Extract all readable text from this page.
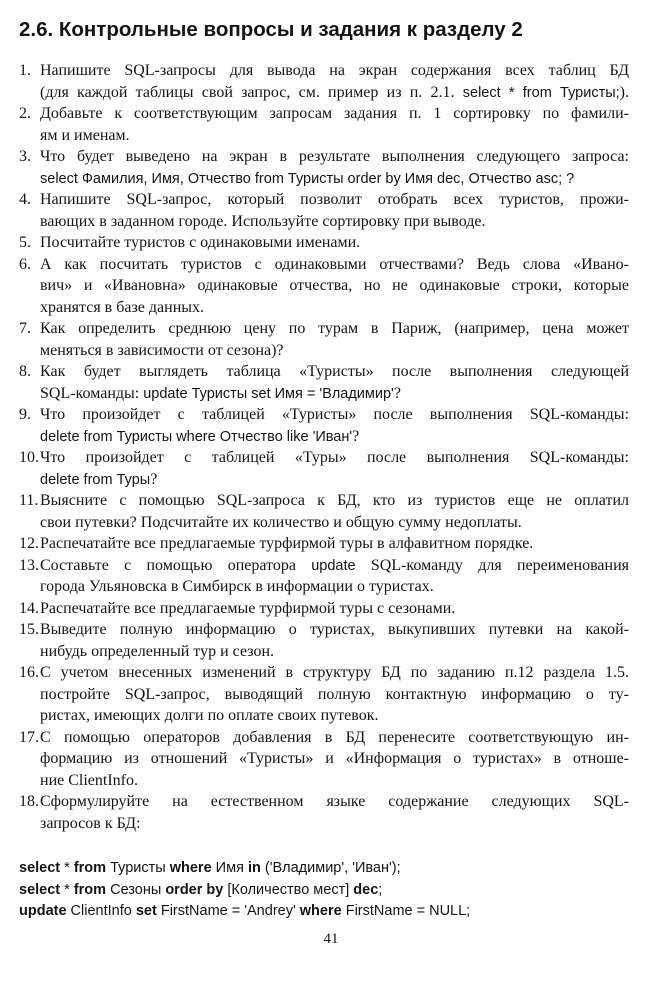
2.6. Контрольные вопросы и задания к разделу 2
1. Напишите SQL-запросы для вывода на экран содержания всех таблиц БД
(для каждой таблицы свой запрос, см. пример из п. 2.1. select * from Туристы;).
2. Добавьте к соответствующим запросам задания п. 1 сортировку по фамили-
ям и именам.
3. Что будет выведено на экран в результате выполнения следующего запроса:
select Фамилия, Имя, Отчество from Туристы order by Имя dec, Отчество asc; ?
4. Напишите SQL-запрос, который позволит отобрать всех туристов, прожи-
вающих в заданном городе. Используйте сортировку при выводе.
5. Посчитайте туристов с одинаковыми именами.
6. А как посчитать туристов с одинаковыми отчествами? Ведь слова «Ивано-
вич» и «Ивановна» одинаковые отчества, но не одинаковые строки, которые
хранятся в базе данных.
7. Как определить среднюю цену по турам в Париж, (например, цена может
меняться в зависимости от сезона)?
8. Как будет выглядеть таблица «Туристы» после выполнения следующей
SQL-команды: update Туристы set Имя = 'Владимир'?
9. Что произойдет с таблицей «Туристы» после выполнения SQL-команды:
delete from Туристы where Отчество like 'Иван'?
10. Что произойдет с таблицей «Туры» после выполнения SQL-команды:
delete from Туры?
11. Выясните с помощью SQL-запроса к БД, кто из туристов еще не оплатил
свои путевки? Подсчитайте их количество и общую сумму недоплаты.
12. Распечатайте все предлагаемые турфирмой туры в алфавитном порядке.
13. Составьте с помощью оператора update SQL-команду для переименования
города Ульяновска в Симбирск в информации о туристах.
14. Распечатайте все предлагаемые турфирмой туры с сезонами.
15. Выведите полную информацию о туристах, выкупивших путевки на какой-
нибудь определенный тур и сезон.
16. С учетом внесенных изменений в структуру БД по заданию п.12 раздела 1.5.
постройте SQL-запрос, выводящий полную контактную информацию о ту-
ристах, имеющих долги по оплате своих путевок.
17. С помощью операторов добавления в БД перенесите соответствующую ин-
формацию из отношений «Туристы» и «Информация о туристах» в отноше-
ние ClientInfo.
18. Сформулируйте на естественном языке содержание следующих SQL-
запросов к БД:
select * from Туристы where Имя in ('Владимир', 'Иван');
select * from Сезоны order by [Количество мест] dec;
update ClientInfo set FirstName = 'Andrey' where FirstName = NULL;
41
